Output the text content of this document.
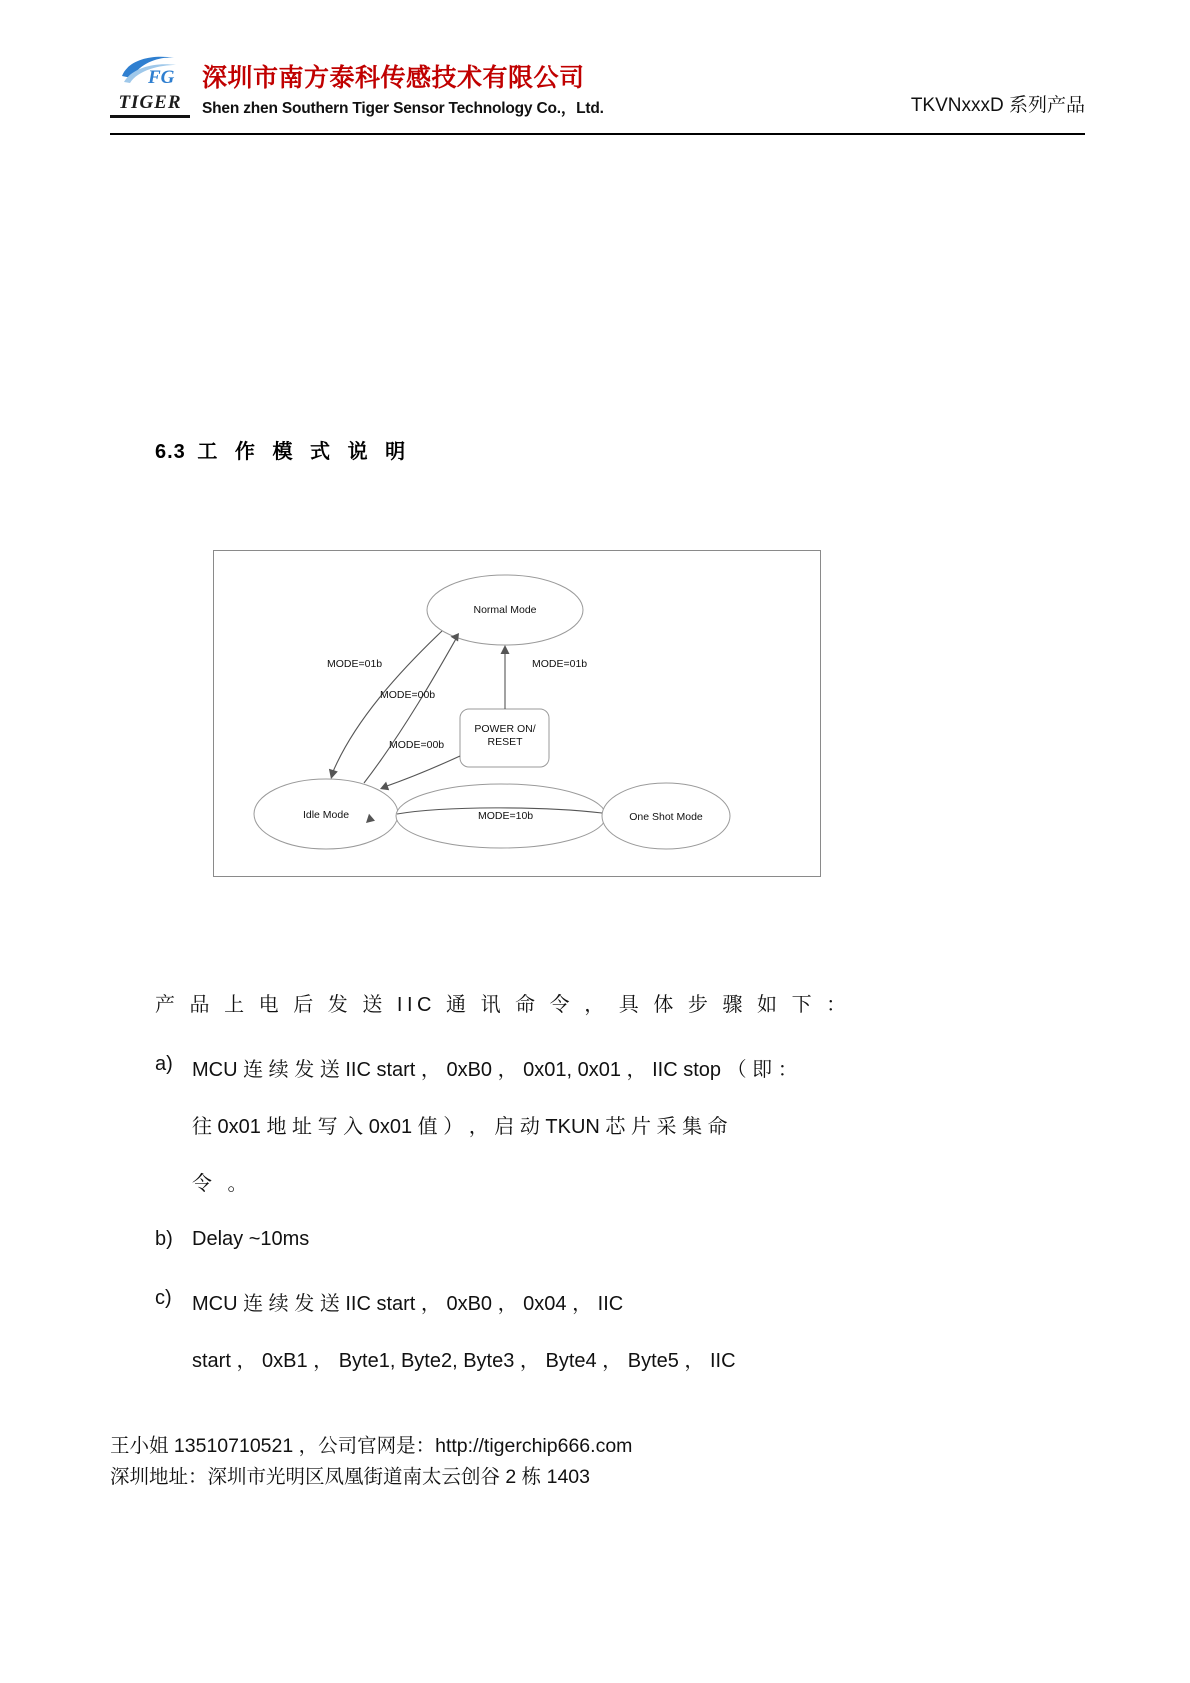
FG
TIGER
深圳市南方泰科传感技术有限公司
Shen zhen Southern Tiger Sensor Technology Co.，Ltd.	TKVNxxxD 系列产品
6.3 工 作 模 式 说 明
MODE=01b
MODE=01b
MODE=00b
MODE=00b
MODE=10b
Normal Mode
POWER ON/
RESET
Idle Mode	One Shot Mode
产 品 上 电 后 发 送 IIC 通 讯 命 令 ， 具 体 步 骤 如 下 ：
a) MCU 连 续 发 送 IIC start ， 0xB0 ， 0x01, 0x01 ， IIC stop （ 即 ：
往 0x01 地 址 写 入 0x01 值 ） ， 启 动 TKUN 芯 片 采 集 命
令 。
b) Delay ~10ms
c) MCU 连 续 发 送 IIC start ， 0xB0 ， 0x04 ， IIC
start ， 0xB1 ， Byte1, Byte2, Byte3 ， Byte4 ， Byte5 ， IIC
王小姐 13510710521 ，公司官网是：http://tigerchip666.com
深圳地址：深圳市光明区凤凰街道南太云创谷 2 栋 1403
